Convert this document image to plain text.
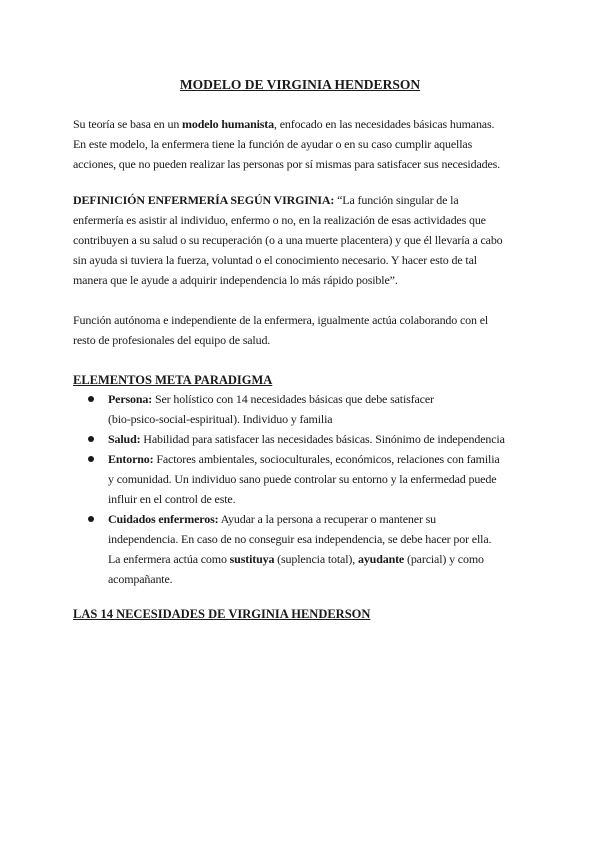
MODELO DE VIRGINIA HENDERSON

Su teoría se basa en un modelo humanista, enfocado en las necesidades básicas humanas.
En este modelo, la enfermera tiene la función de ayudar o en su caso cumplir aquellas
acciones, que no pueden realizar las personas por sí mismas para satisfacer sus necesidades.

DEFINICIÓN ENFERMERÍA SEGÚN VIRGINIA: “La función singular de la
enfermería es asistir al individuo, enfermo o no, en la realización de esas actividades que
contribuyen a su salud o su recuperación (o a una muerte placentera) y que él llevaría a cabo
sin ayuda si tuviera la fuerza, voluntad o el conocimiento necesario. Y hacer esto de tal
manera que le ayude a adquirir independencia lo más rápido posible”.

Función autónoma e independiente de la enfermera, igualmente actúa colaborando con el
resto de profesionales del equipo de salud.

ELEMENTOS META PARADIGMA
Persona: Ser holístico con 14 necesidades básicas que debe satisfacer
(bio-psico-social-espiritual). Individuo y familia
Salud: Habilidad para satisfacer las necesidades básicas. Sinónimo de independencia
Entorno: Factores ambientales, socioculturales, económicos, relaciones con familia
y comunidad. Un individuo sano puede controlar su entorno y la enfermedad puede
influir en el control de este.
Cuidados enfermeros: Ayudar a la persona a recuperar o mantener su
independencia. En caso de no conseguir esa independencia, se debe hacer por ella.
La enfermera actúa como sustituya (suplencia total), ayudante (parcial) y como
acompañante.
LAS 14 NECESIDADES DE VIRGINIA HENDERSON
